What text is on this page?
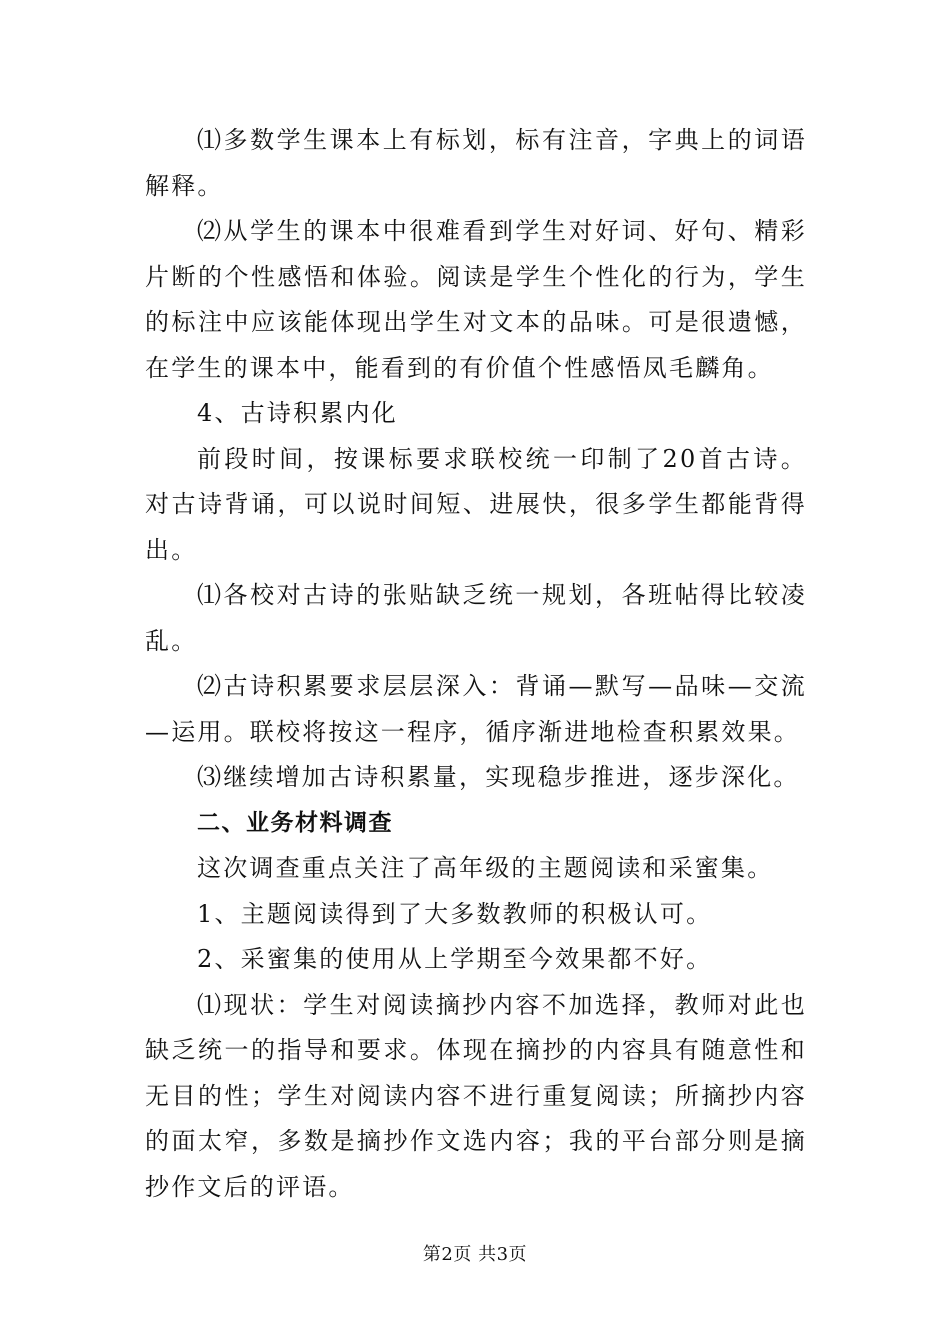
⑴多数学生课本上有标划，标有注音，字典上的词语解释。

⑵从学生的课本中很难看到学生对好词、好句、精彩片断的个性感悟和体验。阅读是学生个性化的行为，学生的标注中应该能体现出学生对文本的品味。可是很遗憾，在学生的课本中，能看到的有价值个性感悟凤毛麟角。

4、古诗积累内化

前段时间，按课标要求联校统一印制了20首古诗。对古诗背诵，可以说时间短、进展快，很多学生都能背得出。

⑴各校对古诗的张贴缺乏统一规划，各班帖得比较凌乱。

⑵古诗积累要求层层深入：背诵—默写—品味—交流—运用。联校将按这一程序，循序渐进地检查积累效果。

⑶继续增加古诗积累量，实现稳步推进，逐步深化。

二、业务材料调查

这次调查重点关注了高年级的主题阅读和采蜜集。

1、主题阅读得到了大多数教师的积极认可。

2、采蜜集的使用从上学期至今效果都不好。

⑴现状：学生对阅读摘抄内容不加选择，教师对此也缺乏统一的指导和要求。体现在摘抄的内容具有随意性和无目的性；学生对阅读内容不进行重复阅读；所摘抄内容的面太窄，多数是摘抄作文选内容；我的平台部分则是摘抄作文后的评语。

第2页 共3页
